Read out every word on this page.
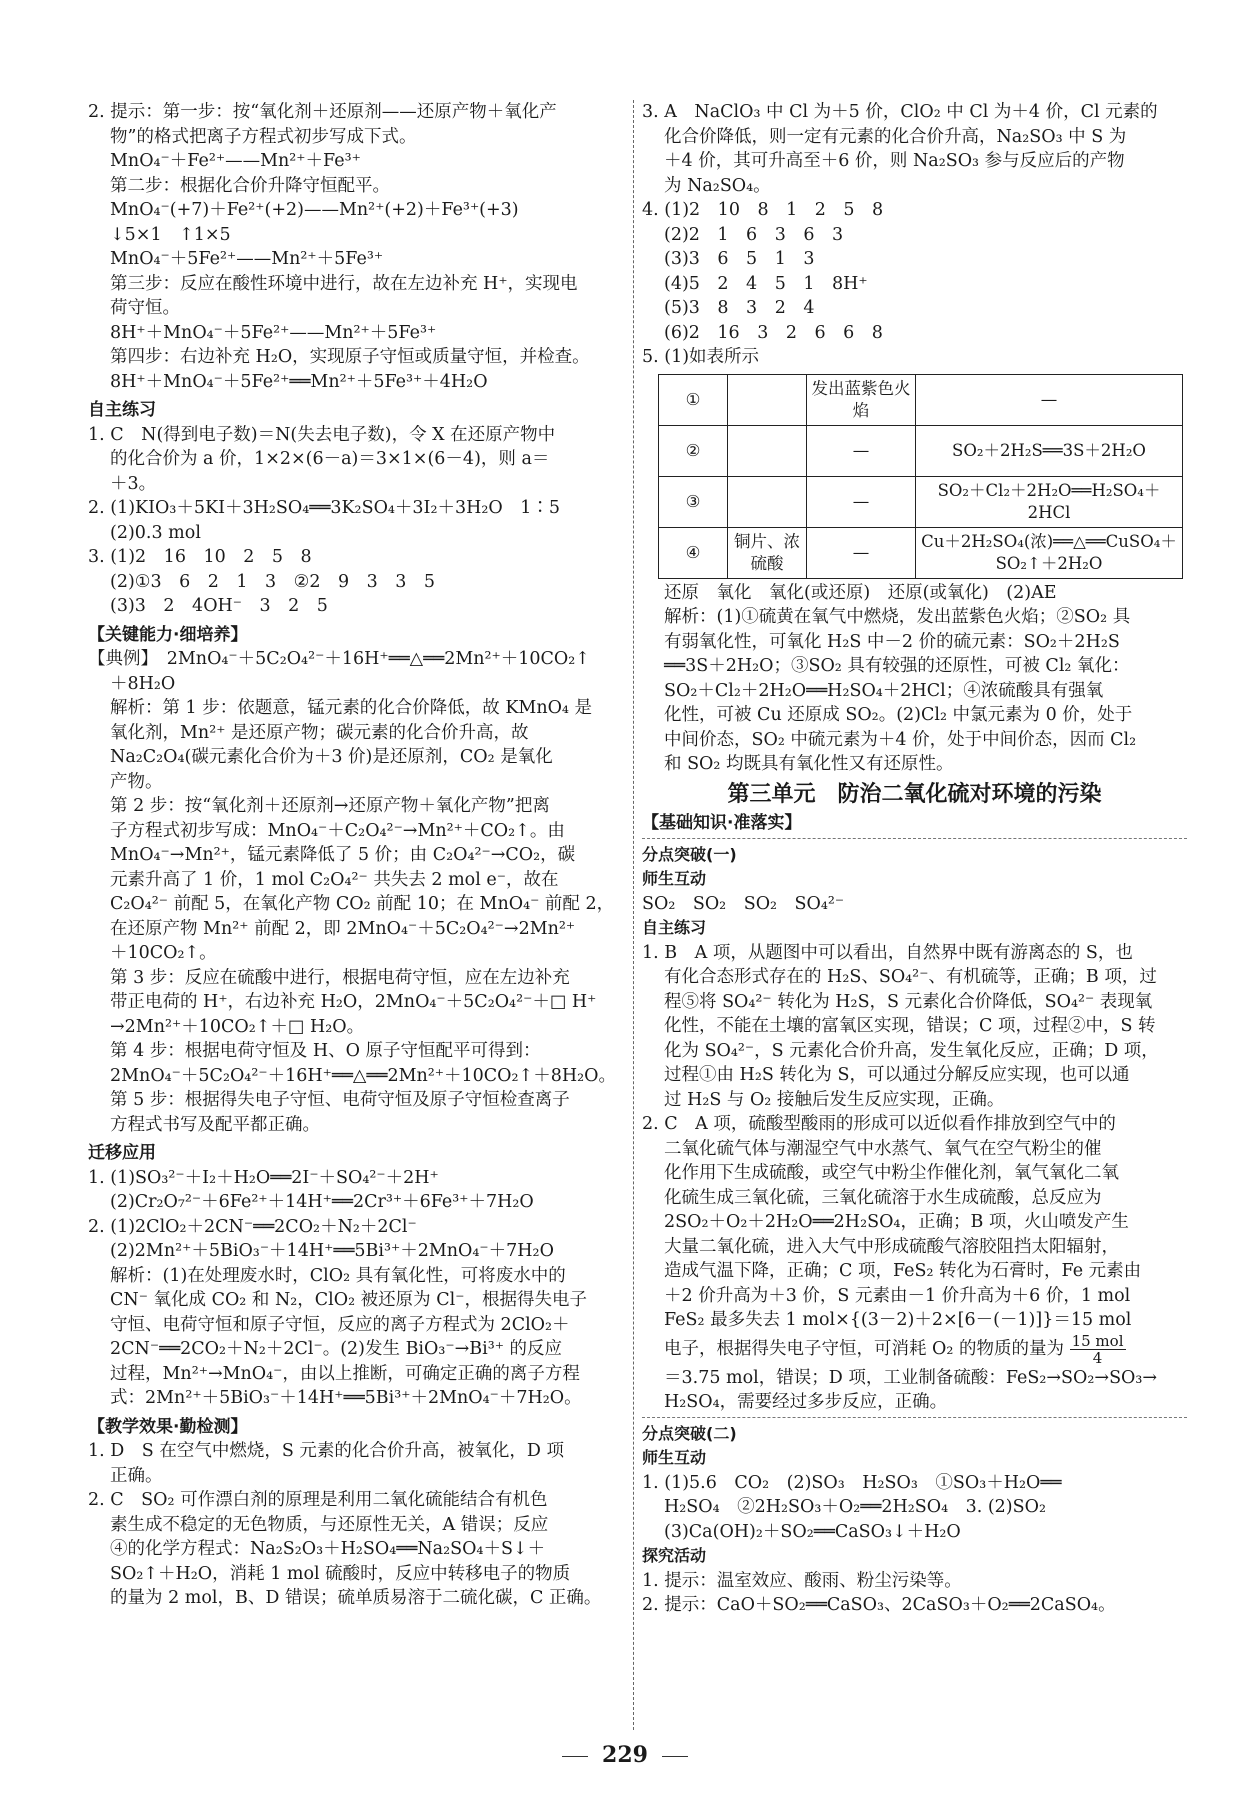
2. 提示：第一步：按“氧化剂＋还原剂——还原产物＋氧化产
物”的格式把离子方程式初步写成下式。
MnO₄⁻＋Fe²⁺——Mn²⁺＋Fe³⁺
第二步：根据化合价升降守恒配平。
MnO₄⁻(+7)＋Fe²⁺(+2)——Mn²⁺(+2)＋Fe³⁺(+3)
↓5×1　↑1×5
MnO₄⁻＋5Fe²⁺——Mn²⁺＋5Fe³⁺
第三步：反应在酸性环境中进行，故在左边补充 H⁺，实现电
荷守恒。
8H⁺＋MnO₄⁻＋5Fe²⁺——Mn²⁺＋5Fe³⁺
第四步：右边补充 H₂O，实现原子守恒或质量守恒，并检查。
8H⁺＋MnO₄⁻＋5Fe²⁺══Mn²⁺＋5Fe³⁺＋4H₂O
自主练习
1. C　N(得到电子数)＝N(失去电子数)，令 X 在还原产物中
的化合价为 a 价，1×2×(6－a)＝3×1×(6－4)，则 a＝
＋3。
2. (1)KIO₃＋5KI＋3H₂SO₄══3K₂SO₄＋3I₂＋3H₂O　1∶5
(2)0.3 mol
3. (1)2　16　10　2　5　8
(2)①3　6　2　1　3　②2　9　3　3　5
(3)3　2　4OH⁻　3　2　5
【关键能力·细培养】
【典例】　2MnO₄⁻＋5C₂O₄²⁻＋16H⁺══△══2Mn²⁺＋10CO₂↑
＋8H₂O
解析：第 1 步：依题意，锰元素的化合价降低，故 KMnO₄ 是
氧化剂，Mn²⁺ 是还原产物；碳元素的化合价升高，故
Na₂C₂O₄(碳元素化合价为＋3 价)是还原剂，CO₂ 是氧化
产物。
第 2 步：按“氧化剂＋还原剂→还原产物＋氧化产物”把离
子方程式初步写成：MnO₄⁻＋C₂O₄²⁻→Mn²⁺＋CO₂↑。由
MnO₄⁻→Mn²⁺，锰元素降低了 5 价；由 C₂O₄²⁻→CO₂，碳
元素升高了 1 价，1 mol C₂O₄²⁻ 共失去 2 mol e⁻，故在
C₂O₄²⁻ 前配 5，在氧化产物 CO₂ 前配 10；在 MnO₄⁻ 前配 2，
在还原产物 Mn²⁺ 前配 2，即 2MnO₄⁻＋5C₂O₄²⁻→2Mn²⁺
＋10CO₂↑。
第 3 步：反应在硫酸中进行，根据电荷守恒，应在左边补充
带正电荷的 H⁺，右边补充 H₂O，2MnO₄⁻＋5C₂O₄²⁻＋□ H⁺
→2Mn²⁺＋10CO₂↑＋□ H₂O。
第 4 步：根据电荷守恒及 H、O 原子守恒配平可得到：
2MnO₄⁻＋5C₂O₄²⁻＋16H⁺══△══2Mn²⁺＋10CO₂↑＋8H₂O。
第 5 步：根据得失电子守恒、电荷守恒及原子守恒检查离子
方程式书写及配平都正确。
迁移应用
1. (1)SO₃²⁻＋I₂＋H₂O══2I⁻＋SO₄²⁻＋2H⁺
(2)Cr₂O₇²⁻＋6Fe²⁺＋14H⁺══2Cr³⁺＋6Fe³⁺＋7H₂O
2. (1)2ClO₂＋2CN⁻══2CO₂＋N₂＋2Cl⁻
(2)2Mn²⁺＋5BiO₃⁻＋14H⁺══5Bi³⁺＋2MnO₄⁻＋7H₂O
解析：(1)在处理废水时，ClO₂ 具有氧化性，可将废水中的
CN⁻ 氧化成 CO₂ 和 N₂，ClO₂ 被还原为 Cl⁻，根据得失电子
守恒、电荷守恒和原子守恒，反应的离子方程式为 2ClO₂＋
2CN⁻══2CO₂＋N₂＋2Cl⁻。(2)发生 BiO₃⁻→Bi³⁺ 的反应
过程，Mn²⁺→MnO₄⁻，由以上推断，可确定正确的离子方程
式：2Mn²⁺＋5BiO₃⁻＋14H⁺══5Bi³⁺＋2MnO₄⁻＋7H₂O。
【教学效果·勤检测】
1. D　S 在空气中燃烧，S 元素的化合价升高，被氧化，D 项
正确。
2. C　SO₂ 可作漂白剂的原理是利用二氧化硫能结合有机色
素生成不稳定的无色物质，与还原性无关，A 错误；反应
④的化学方程式：Na₂S₂O₃＋H₂SO₄══Na₂SO₄＋S↓＋
SO₂↑＋H₂O，消耗 1 mol 硫酸时，反应中转移电子的物质
的量为 2 mol，B、D 错误；硫单质易溶于二硫化碳，C 正确。
3. A　NaClO₃ 中 Cl 为＋5 价，ClO₂ 中 Cl 为＋4 价，Cl 元素的
化合价降低，则一定有元素的化合价升高，Na₂SO₃ 中 S 为
＋4 价，其可升高至＋6 价，则 Na₂SO₃ 参与反应后的产物
为 Na₂SO₄。
4. (1)2　10　8　1　2　5　8
(2)2　1　6　3　6　3
(3)3　6　5　1　3
(4)5　2　4　5　1　8H⁺
(5)3　8　3　2　4
(6)2　16　3　2　6　6　8
5. (1)如表所示
①		发出蓝紫色火焰	—
②		—	SO₂＋2H₂S══3S＋2H₂O
③		—	SO₂＋Cl₂＋2H₂O══H₂SO₄＋2HCl
④	铜片、浓硫酸	—	Cu＋2H₂SO₄(浓)══△══CuSO₄＋SO₂↑＋2H₂O
还原　氧化　氧化(或还原)　还原(或氧化)　(2)AE
解析：(1)①硫黄在氧气中燃烧，发出蓝紫色火焰；②SO₂ 具
有弱氧化性，可氧化 H₂S 中－2 价的硫元素：SO₂＋2H₂S
══3S＋2H₂O；③SO₂ 具有较强的还原性，可被 Cl₂ 氧化：
SO₂＋Cl₂＋2H₂O══H₂SO₄＋2HCl；④浓硫酸具有强氧
化性，可被 Cu 还原成 SO₂。(2)Cl₂ 中氯元素为 0 价，处于
中间价态，SO₂ 中硫元素为＋4 价，处于中间价态，因而 Cl₂
和 SO₂ 均既具有氧化性又有还原性。
第三单元　防治二氧化硫对环境的污染
【基础知识·准落实】
分点突破(一)
师生互动
SO₂　SO₂　SO₂　SO₄²⁻
自主练习
1. B　A 项，从题图中可以看出，自然界中既有游离态的 S，也
有化合态形式存在的 H₂S、SO₄²⁻、有机硫等，正确；B 项，过
程⑤将 SO₄²⁻ 转化为 H₂S，S 元素化合价降低，SO₄²⁻ 表现氧
化性，不能在土壤的富氧区实现，错误；C 项，过程②中，S 转
化为 SO₄²⁻，S 元素化合价升高，发生氧化反应，正确；D 项，
过程①由 H₂S 转化为 S，可以通过分解反应实现，也可以通
过 H₂S 与 O₂ 接触后发生反应实现，正确。
2. C　A 项，硫酸型酸雨的形成可以近似看作排放到空气中的
二氧化硫气体与潮湿空气中水蒸气、氧气在空气粉尘的催
化作用下生成硫酸，或空气中粉尘作催化剂，氧气氧化二氧
化硫生成三氧化硫，三氧化硫溶于水生成硫酸，总反应为
2SO₂＋O₂＋2H₂O══2H₂SO₄，正确；B 项，火山喷发产生
大量二氧化硫，进入大气中形成硫酸气溶胶阻挡太阳辐射，
造成气温下降，正确；C 项，FeS₂ 转化为石膏时，Fe 元素由
＋2 价升高为＋3 价，S 元素由－1 价升高为＋6 价，1 mol
FeS₂ 最多失去 1 mol×{(3－2)＋2×[6－(－1)]}＝15 mol
电子，根据得失电子守恒，可消耗 O₂ 的物质的量为 $\frac{\text{15 mol}}{4}$
＝3.75 mol，错误；D 项，工业制备硫酸：FeS₂→SO₂→SO₃→
H₂SO₄，需要经过多步反应，正确。
分点突破(二)
师生互动
1. (1)5.6　CO₂　(2)SO₃　H₂SO₃　①SO₃＋H₂O══
H₂SO₄　②2H₂SO₃＋O₂══2H₂SO₄　3. (2)SO₂
(3)Ca(OH)₂＋SO₂══CaSO₃↓＋H₂O
探究活动
1. 提示：温室效应、酸雨、粉尘污染等。
2. 提示：CaO＋SO₂══CaSO₃、2CaSO₃＋O₂══2CaSO₄。
229
